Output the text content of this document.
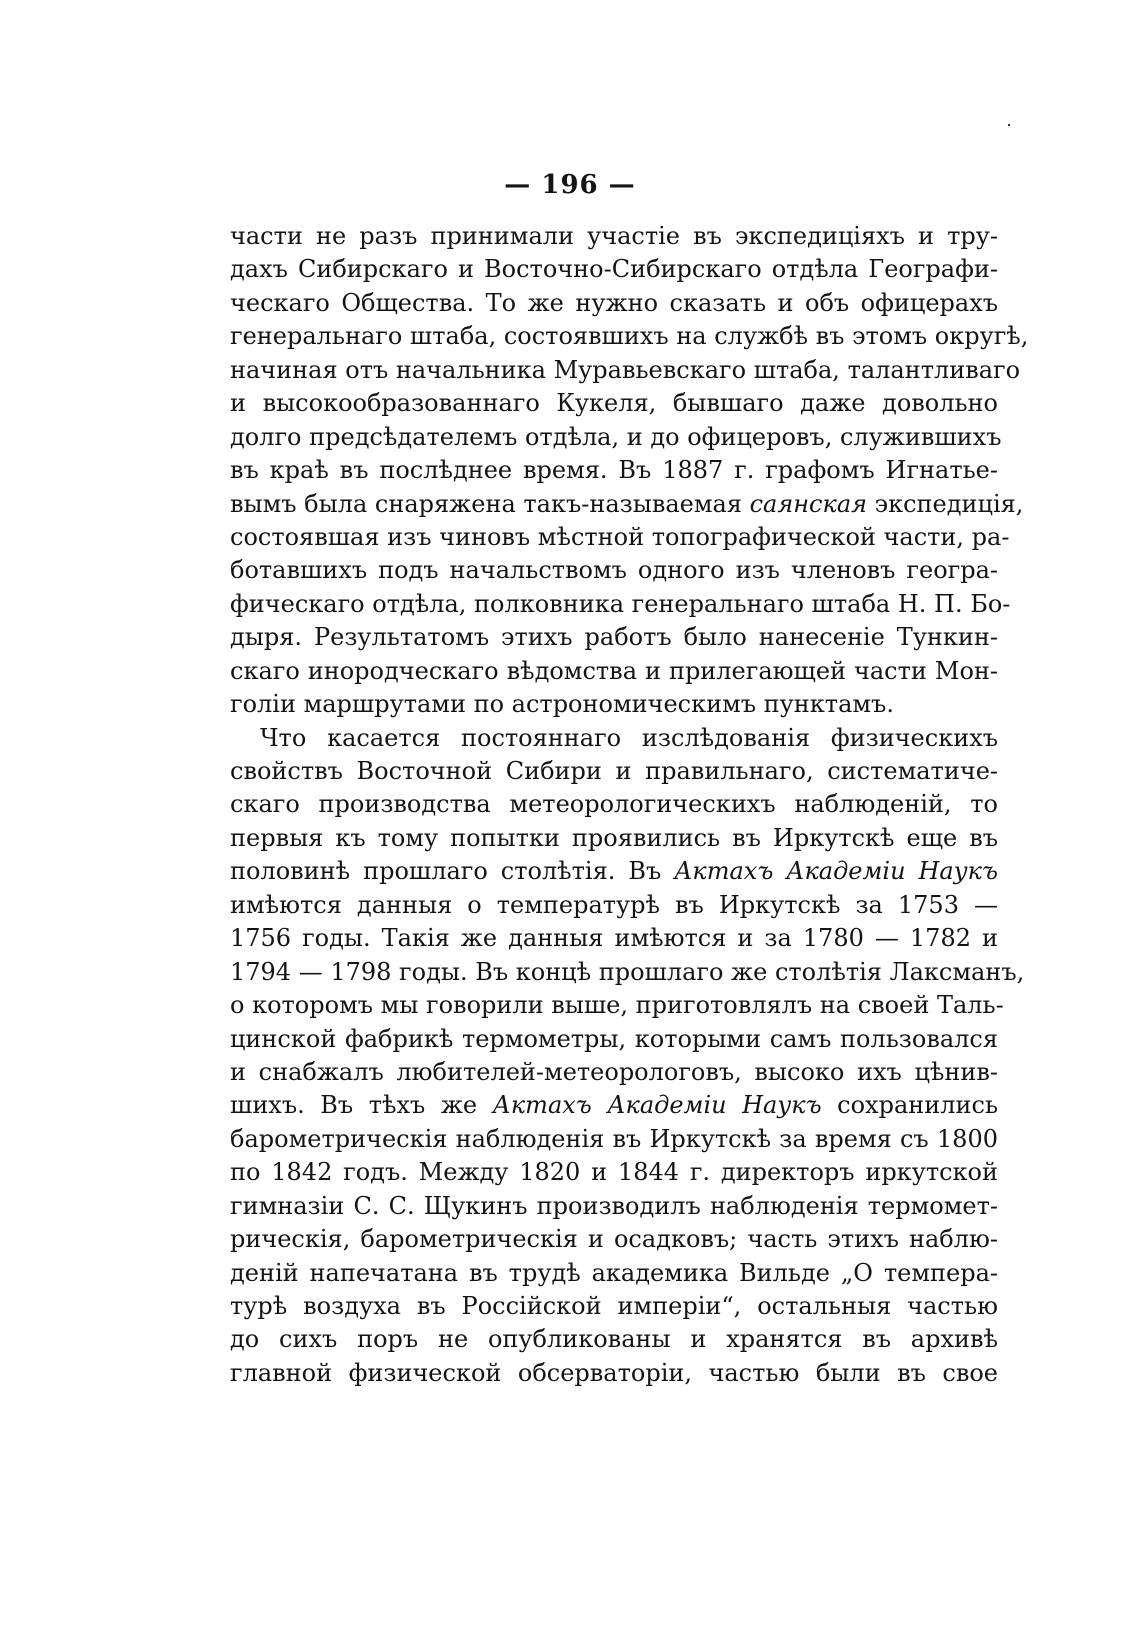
— 196 —

части не разъ принимали участіе въ экспедиціяхъ и тру-
дахъ Сибирскаго и Восточно-Сибирскаго отдѣла Географи-
ческаго Общества. То же нужно сказать и объ офицерахъ
генеральнаго штаба, состоявшихъ на службѣ въ этомъ округѣ,
начиная отъ начальника Муравьевскаго штаба, талантливаго
и высокообразованнаго Кукеля, бывшаго даже довольно
долго предсѣдателемъ отдѣла, и до офицеровъ, служившихъ
въ краѣ въ послѣднее время. Въ 1887 г. графомъ Игнатье-
вымъ была снаряжена такъ-называемая саянская экспедиція,
состоявшая изъ чиновъ мѣстной топографической части, ра-
ботавшихъ подъ начальствомъ одного изъ членовъ геогра-
фическаго отдѣла, полковника генеральнаго штаба Н. П. Бо-
дыря. Результатомъ этихъ работъ было нанесеніе Тункин-
скаго инородческаго вѣдомства и прилегающей части Мон-
голіи маршрутами по астрономическимъ пунктамъ.
Что касается постояннаго изслѣдованія физическихъ
свойствъ Восточной Сибири и правильнаго, систематиче-
скаго производства метеорологическихъ наблюденій, то
первыя къ тому попытки проявились въ Иркутскѣ еще въ
половинѣ прошлаго столѣтія. Въ Актахъ Академіи Наукъ
имѣются данныя о температурѣ въ Иркутскѣ за 1753 —
1756 годы. Такія же данныя имѣются и за 1780 — 1782 и
1794 — 1798 годы. Въ концѣ прошлаго же столѣтія Лаксманъ,
о которомъ мы говорили выше, приготовлялъ на своей Таль-
цинской фабрикѣ термометры, которыми самъ пользовался
и снабжалъ любителей-метеорологовъ, высоко ихъ цѣнив-
шихъ. Въ тѣхъ же Актахъ Академіи Наукъ сохранились
барометрическія наблюденія въ Иркутскѣ за время съ 1800
по 1842 годъ. Между 1820 и 1844 г. директоръ иркутской
гимназіи С. С. Щукинъ производилъ наблюденія термомет-
рическія, барометрическія и осадковъ; часть этихъ наблю-
деній напечатана въ трудѣ академика Вильде „О темпера-
турѣ воздуха въ Россійской имперіи“, остальныя частью
до сихъ поръ не опубликованы и хранятся въ архивѣ
главной физической обсерваторіи, частью были въ свое
